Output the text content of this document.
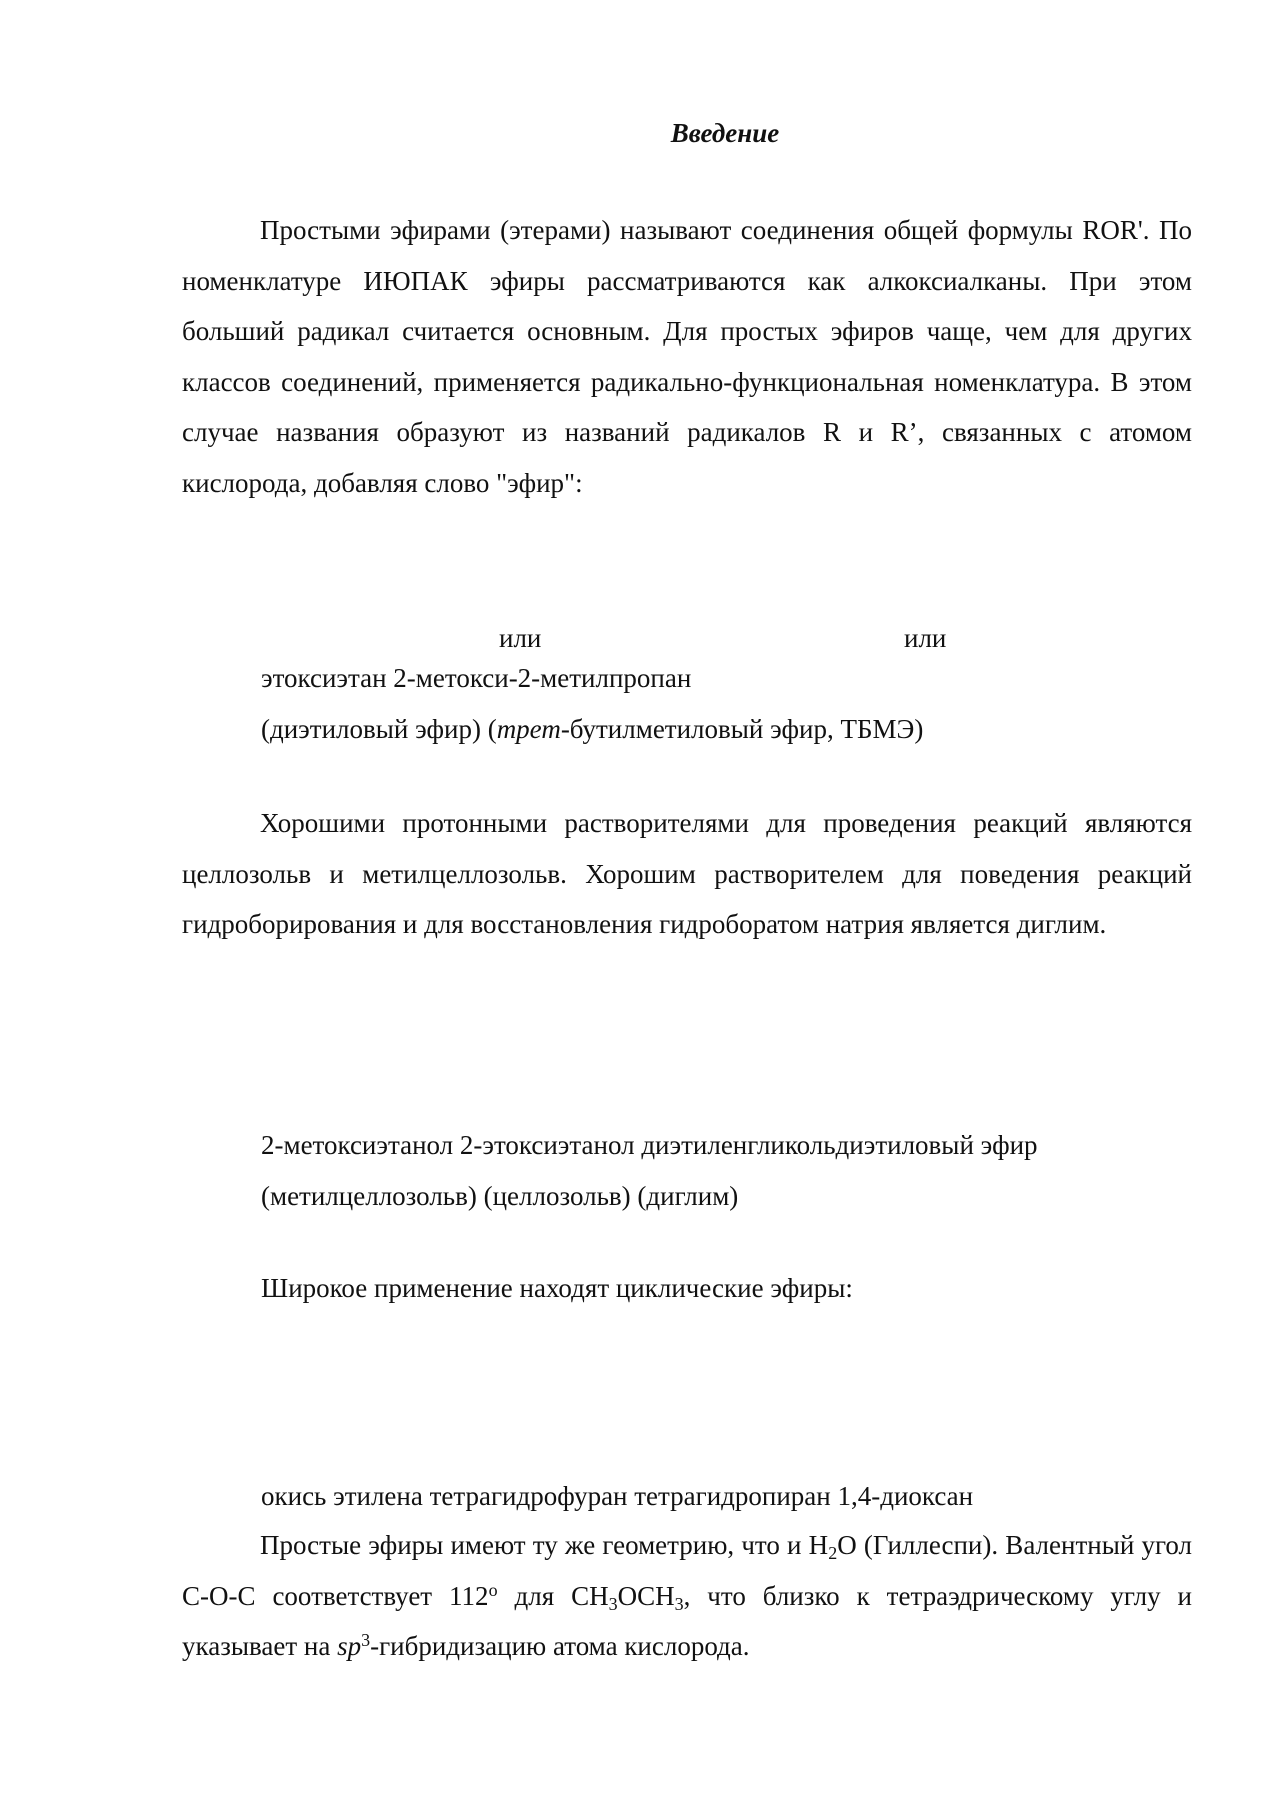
Введение

Простыми эфирами (этерами) называют соединения общей формулы ROR'. По номенклатуре ИЮПАК эфиры рассматриваются как алкоксиалканы. При этом больший радикал считается основным. Для простых эфиров чаще, чем для других классов соединений, применяется радикально-функциональная номенклатура. В этом случае названия образуют из названий радикалов R и R’, связанных с атомом кислорода, добавляя слово "эфир":

или	или
этоксиэтан 2-метокси-2-метилпропан
(диэтиловый эфир) (трет-бутилметиловый эфир, ТБМЭ)

Хорошими протонными растворителями для проведения реакций являются целлозольв и метилцеллозольв. Хорошим растворителем для поведения реакций гидроборирования и для восстановления гидроборатом натрия является диглим.

2-метоксиэтанол 2-этоксиэтанол диэтиленгликольдиэтиловый эфир
(метилцеллозольв) (целлозольв) (диглим)
Широкое применение находят циклические эфиры:
окись этилена тетрагидрофуран тетрагидропиран 1,4-диоксан

Простые эфиры имеют ту же геометрию, что и $H_2O$ (Гиллеспи). Валентный угол C-O-C соответствует 112$^o$ для $CH_3OCH_3$, что близко к тетраэдрическому углу и указывает на $sp^3$-гибридизацию атома кислорода.
